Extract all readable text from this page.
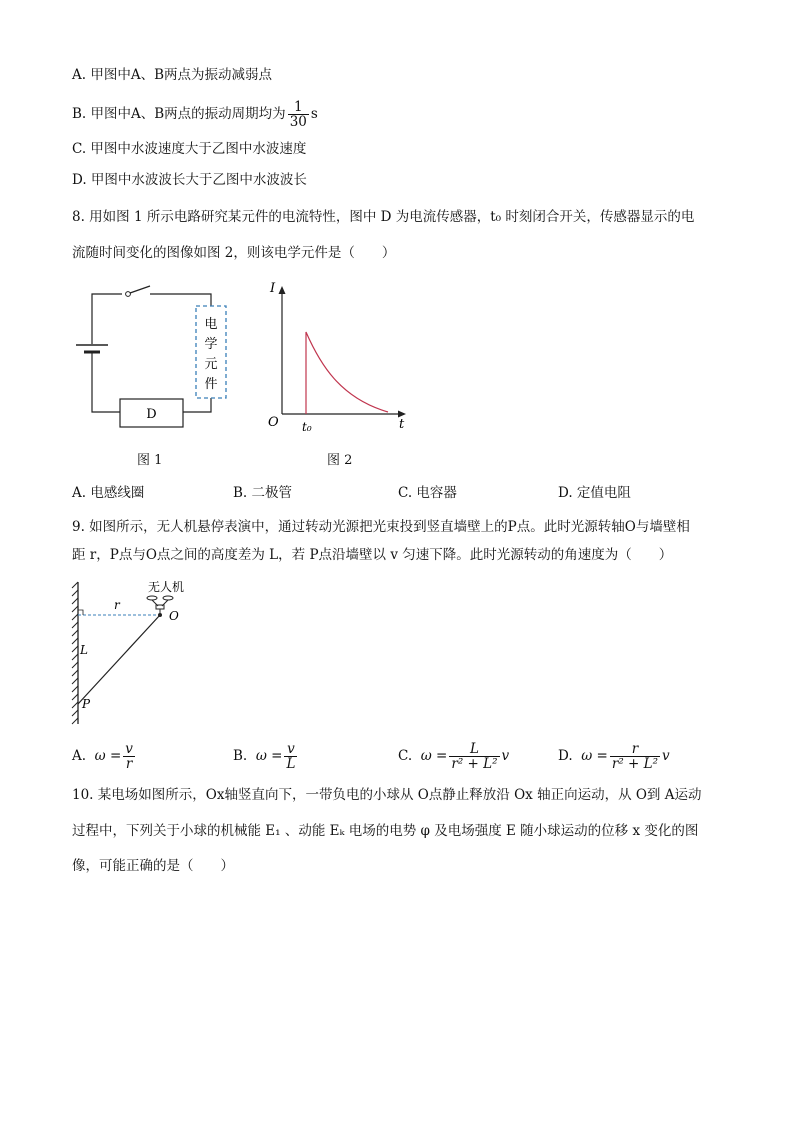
A. 甲图中A、B两点为振动减弱点
B. 甲图中A、B两点的振动周期均为 $\frac{1}{30}$ s
C. 甲图中水波速度大于乙图中水波速度
D. 甲图中水波波长大于乙图中水波波长
8. 用如图 1 所示电路研究某元件的电流特性，图中 D 为电流传感器，t₀ 时刻闭合开关，传感器显示的电
流随时间变化的图像如图 2，则该电学元件是（　　）
D
电
学
元
件
图 1
I
t
O t₀
图 2
A. 电感线圈	B. 二极管	C. 电容器	D. 定值电阻
9. 如图所示，无人机悬停表演中，通过转动光源把光束投到竖直墙壁上的P点。此时光源转轴O与墙壁相
距 r，P点与O点之间的高度差为 L，若 P点沿墙壁以 v 匀速下降。此时光源转动的角速度为（　　）
r
无人机
O
L
P
A. $\omega = \frac{v}{r}$	B. $\omega = \frac{v}{L}$	C. $\omega = \frac{L}{\text{r² + L²}}$ v	D. $\omega = \frac{r}{\text{r² + L²}}$ v
10. 某电场如图所示，Ox轴竖直向下，一带负电的小球从 O点静止释放沿 Ox 轴正向运动，从 O到 A运动
过程中，下列关于小球的机械能 E₁ 、动能 Eₖ 电场的电势 φ 及电场强度 E 随小球运动的位移 x 变化的图
像，可能正确的是（　　）
